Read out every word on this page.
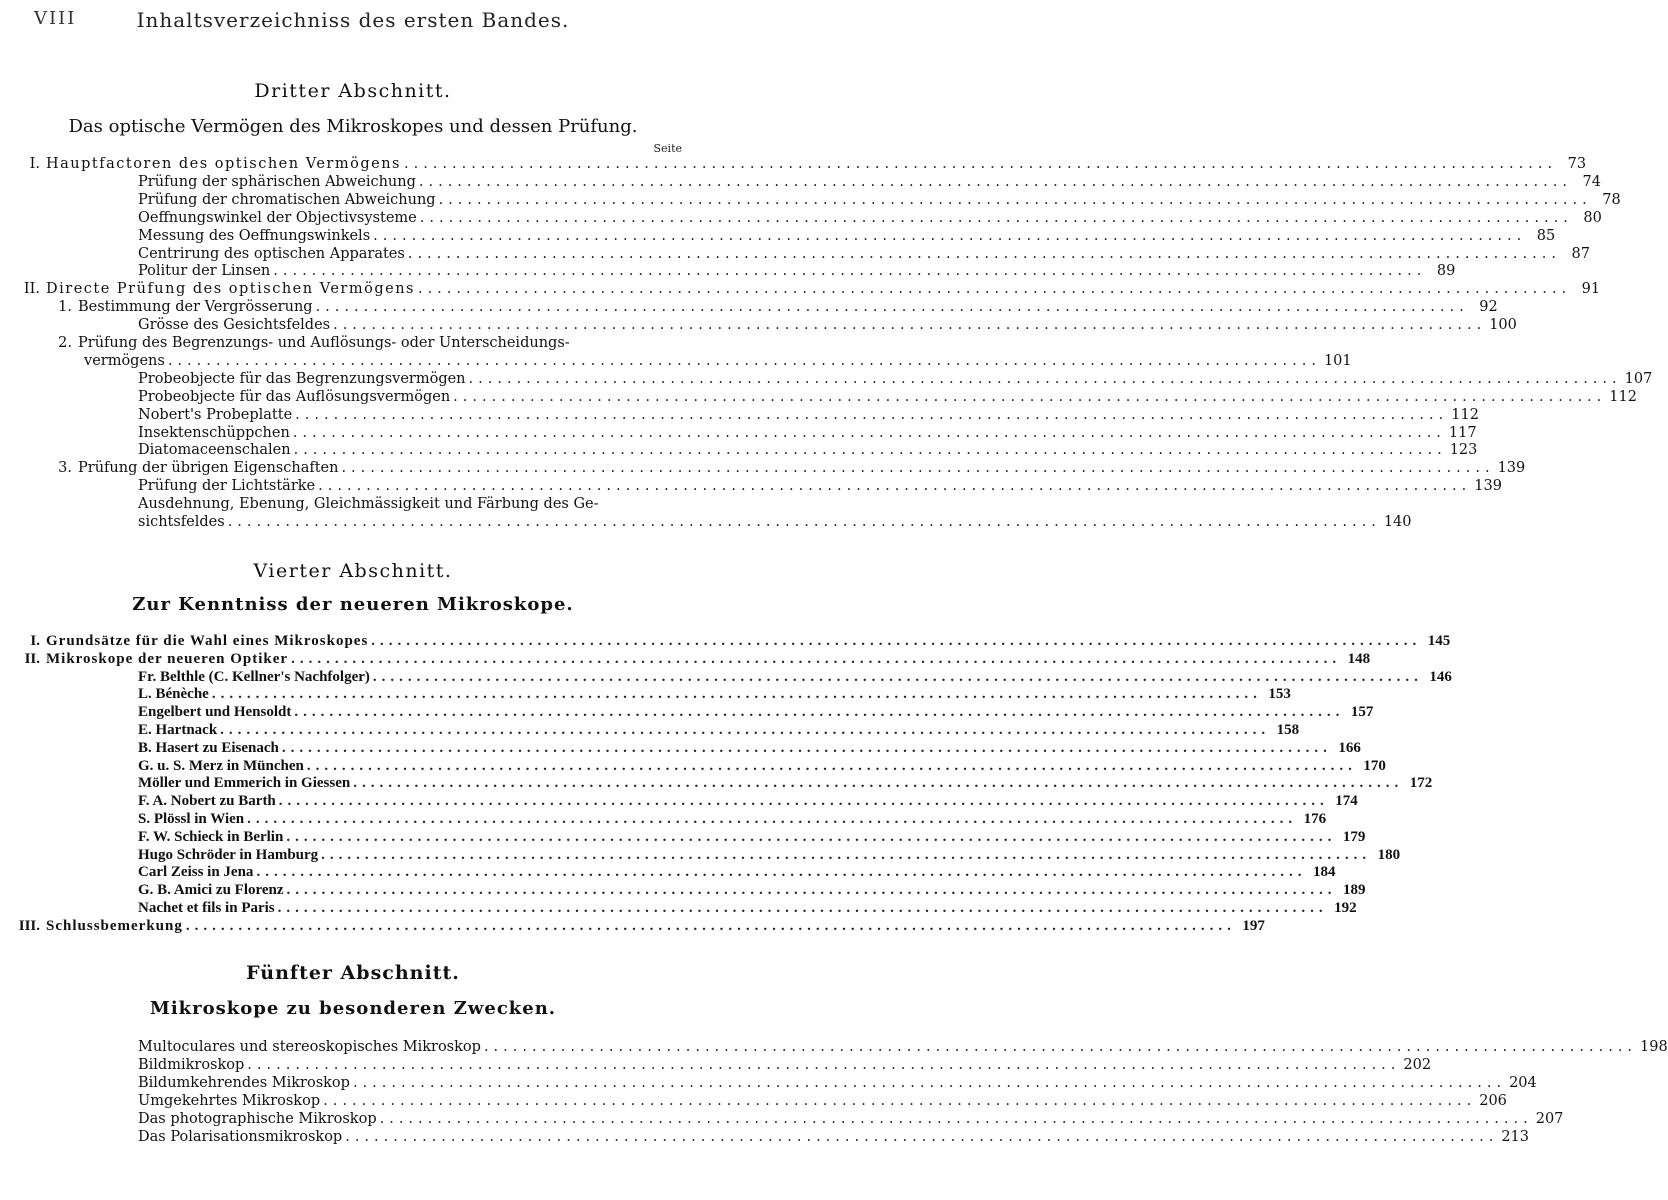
VIII	Inhaltsverzeichniss des ersten Bandes.
Dritter Abschnitt.
Das optische Vermögen des Mikroskopes und dessen Prüfung.
Seite
I. Hauptfactoren des optischen Vermögens ........................................................................................................................ 73
Prüfung der sphärischen Abweichung ........................................................................................................................ 74
Prüfung der chromatischen Abweichung ........................................................................................................................ 78
Oeffnungswinkel der Objectivsysteme ........................................................................................................................ 80
Messung des Oeffnungswinkels ........................................................................................................................ 85
Centrirung des optischen Apparates ........................................................................................................................ 87
Politur der Linsen ........................................................................................................................ 89
II. Directe Prüfung des optischen Vermögens ........................................................................................................................ 91
1. Bestimmung der Vergrösserung ........................................................................................................................ 92
Grösse des Gesichtsfeldes ........................................................................................................................ 100
2. Prüfung des Begrenzungs- und Auflösungs- oder Unterscheidungs-
vermögens ........................................................................................................................ 101
Probeobjecte für das Begrenzungsvermögen ........................................................................................................................ 107
Probeobjecte für das Auflösungsvermögen ........................................................................................................................ 112
Nobert's Probeplatte ........................................................................................................................ 112
Insektenschüppchen ........................................................................................................................ 117
Diatomaceenschalen ........................................................................................................................ 123
3. Prüfung der übrigen Eigenschaften ........................................................................................................................ 139
Prüfung der Lichtstärke ........................................................................................................................ 139
Ausdehnung, Ebenung, Gleichmässigkeit und Färbung des Ge-
sichtsfeldes ........................................................................................................................ 140
Vierter Abschnitt.
Zur Kenntniss der neueren Mikroskope.
I. Grundsätze für die Wahl eines Mikroskopes ........................................................................................................................ 145
II. Mikroskope der neueren Optiker ........................................................................................................................ 148
Fr. Belthle (C. Kellner's Nachfolger) ........................................................................................................................ 146
L. Bénèche ........................................................................................................................ 153
Engelbert und Hensoldt ........................................................................................................................ 157
E. Hartnack ........................................................................................................................ 158
B. Hasert zu Eisenach ........................................................................................................................ 166
G. u. S. Merz in München ........................................................................................................................ 170
Möller und Emmerich in Giessen ........................................................................................................................ 172
F. A. Nobert zu Barth ........................................................................................................................ 174
S. Plössl in Wien ........................................................................................................................ 176
F. W. Schieck in Berlin ........................................................................................................................ 179
Hugo Schröder in Hamburg ........................................................................................................................ 180
Carl Zeiss in Jena ........................................................................................................................ 184
G. B. Amici zu Florenz ........................................................................................................................ 189
Nachet et fils in Paris ........................................................................................................................ 192
III. Schlussbemerkung ........................................................................................................................ 197
Fünfter Abschnitt.
Mikroskope zu besonderen Zwecken.
Multoculares und stereoskopisches Mikroskop ........................................................................................................................ 198
Bildmikroskop ........................................................................................................................ 202
Bildumkehrendes Mikroskop ........................................................................................................................ 204
Umgekehrtes Mikroskop ........................................................................................................................ 206
Das photographische Mikroskop ........................................................................................................................ 207
Das Polarisationsmikroskop ........................................................................................................................ 213
